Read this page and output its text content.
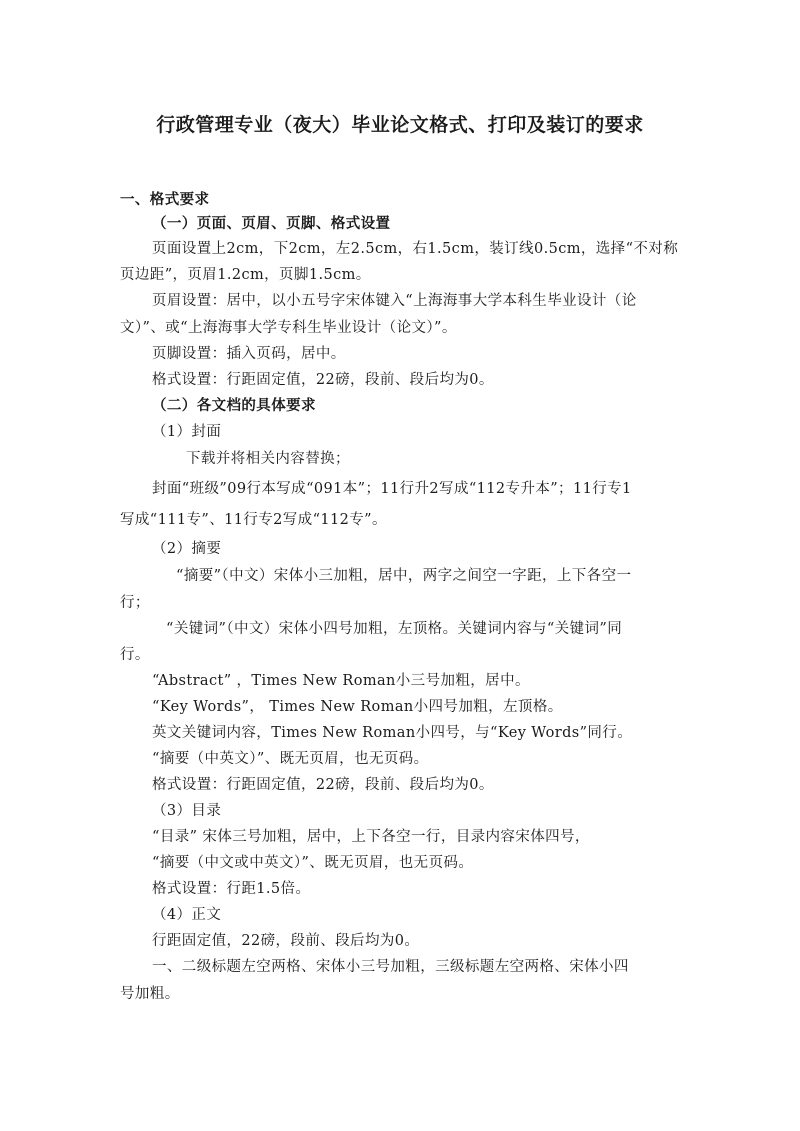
行政管理专业（夜大）毕业论文格式、打印及装订的要求
一、格式要求
（一）页面、页眉、页脚、格式设置
页面设置上2cm，下2cm，左2.5cm，右1.5cm，装订线0.5cm，选择“不对称
页边距”，页眉1.2cm，页脚1.5cm。
页眉设置：居中，以小五号字宋体键入“上海海事大学本科生毕业设计（论
文）”、或“上海海事大学专科生毕业设计（论文）”。
页脚设置：插入页码，居中。
格式设置：行距固定值，22磅，段前、段后均为0。
（二）各文档的具体要求
（1）封面
下载并将相关内容替换；
封面“班级”09行本写成“091本”；11行升2写成“112专升本”；11行专1
写成“111专”、11行专2写成“112专”。
（2）摘要
“摘要”（中文）宋体小三加粗，居中，两字之间空一字距，上下各空一
行；
“关键词”（中文）宋体小四号加粗，左顶格。关键词内容与“关键词”同
行。
“Abstract” ，Times New Roman小三号加粗，居中。
“Key Words”， Times New Roman小四号加粗，左顶格。
英文关键词内容，Times New Roman小四号，与“Key Words”同行。
“摘要（中英文）”、既无页眉，也无页码。
格式设置：行距固定值，22磅，段前、段后均为0。
（3）目录
“目录” 宋体三号加粗，居中，上下各空一行，目录内容宋体四号，
“摘要（中文或中英文）”、既无页眉，也无页码。
格式设置：行距1.5倍。
（4）正文
行距固定值，22磅，段前、段后均为0。
一、二级标题左空两格、宋体小三号加粗，三级标题左空两格、宋体小四
号加粗。
